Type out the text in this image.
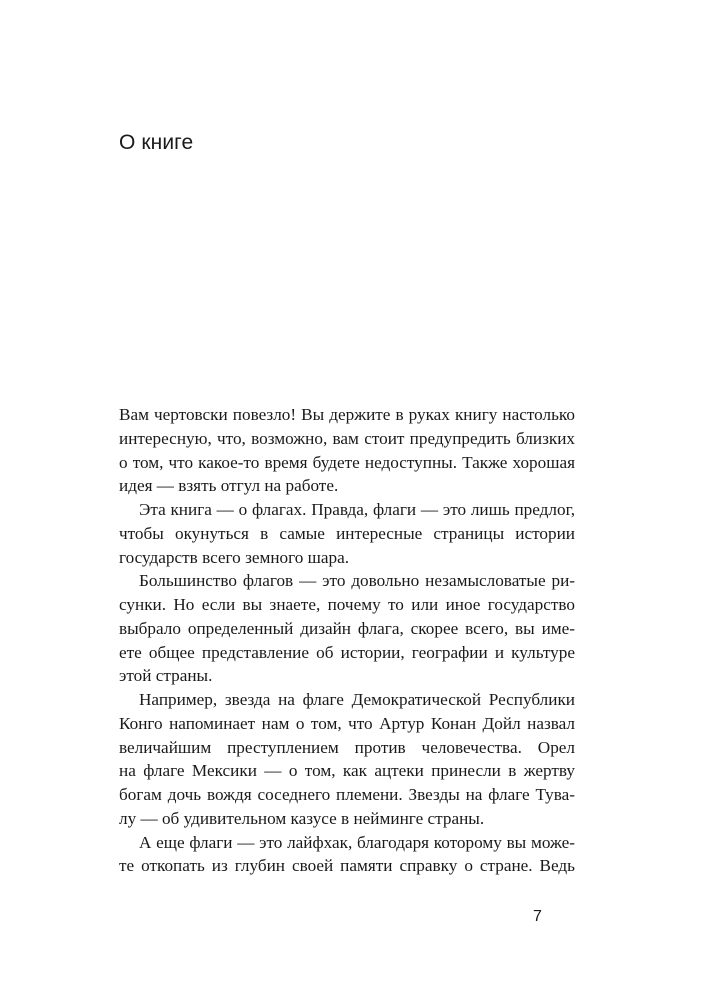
О книге
Вам чертовски повезло! Вы держите в руках книгу настолько
интересную, что, возможно, вам стоит предупредить близких
о том, что какое-то время будете недоступны. Также хорошая
идея — взять отгул на работе.
Эта книга — о флагах. Правда, флаги — это лишь предлог,
чтобы окунуться в самые интересные страницы истории
государств всего земного шара.
Большинство флагов — это довольно незамысловатые ри-
сунки. Но если вы знаете, почему то или иное государство
выбрало определенный дизайн флага, скорее всего, вы име-
ете общее представление об истории, географии и культуре
этой страны.
Например, звезда на флаге Демократической Республики
Конго напоминает нам о том, что Артур Конан Дойл назвал
величайшим преступлением против человечества. Орел
на флаге Мексики — о том, как ацтеки принесли в жертву
богам дочь вождя соседнего племени. Звезды на флаге Тува-
лу — об удивительном казусе в нейминге страны.
А еще флаги — это лайфхак, благодаря которому вы може-
те откопать из глубин своей памяти справку о стране. Ведь
7
